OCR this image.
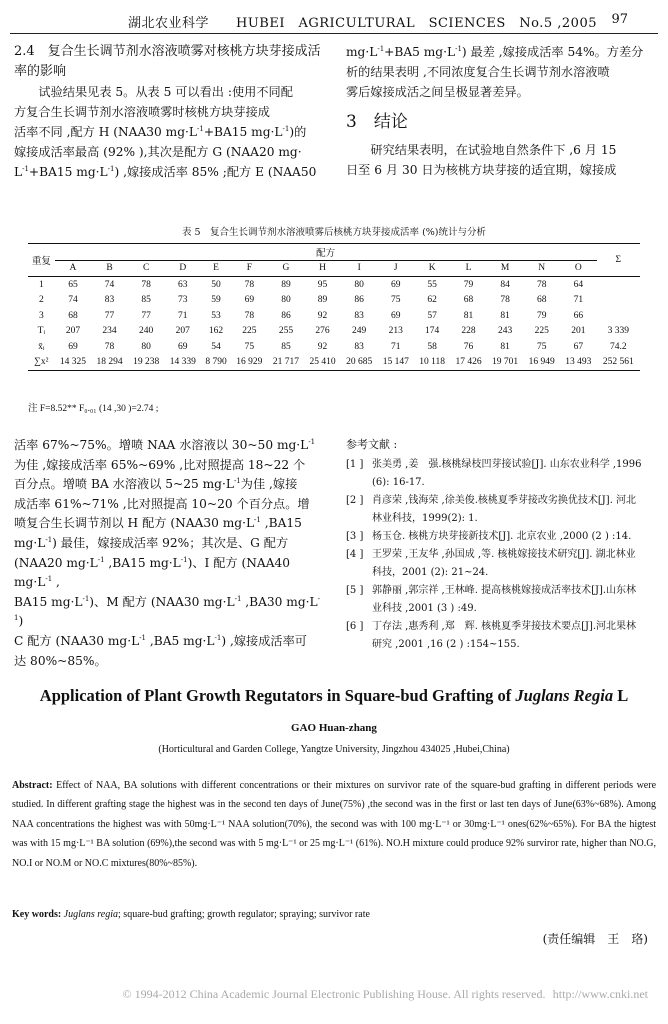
湖北农业科学　　HUBEI　AGRICULTURAL　SCIENCES　No.5 ,2005 97

2.4　复合生长调节剂水溶液喷雾对核桃方块芽接成活率的影响

试验结果见表 5。从表 5 可以看出 :使用不同配

方复合生长调节剂水溶液喷雾时核桃方块芽接成

活率不同 ,配方 H (NAA30 $mg\cdot L^{-1}+BA15$ $mg\cdot L^{-1}$)的

嫁接成活率最高 (92% ),其次是配方 G (NAA20 mg·

$L^{-1}+BA15$ $mg\cdot L^{-1}$) ,嫁接成活率 85% ;配方 E (NAA50

$mg\cdot L^{-1}+BA5$ $mg\cdot L^{-1}$) 最差 ,嫁接成活率 54%。方差分

析的结果表明 ,不同浓度复合生长调节剂水溶液喷

雾后嫁接成活之间呈极显著差异。

3　结论

研究结果表明，在试验地自然条件下 ,6 月 15

日至 6 月 30 日为核桃方块芽接的适宜期，嫁接成

表 5　复合生长调节剂水溶液喷雾后核桃方块芽接成活率 (%)统计与分析
重复	配方															Σ
	A	B	C	D	E	F	G	H	I	J	K	L	M	N	O	
1	65	74	78	63	50	78	89	95	80	69	55	79	84	78	64	
2	74	83	85	73	59	69	80	89	86	75	62	68	78	68	71	
3	68	77	77	71	53	78	86	92	83	69	57	81	81	79	66	
Tᵢ	207	234	240	207	162	225	255	276	249	213	174	228	243	225	201	3 339
x̄ᵢ	69	78	80	69	54	75	85	92	83	71	58	76	81	75	67	74.2
∑x²	14 325	18 294	19 238	14 339	8 790	16 929	21 717	25 410	20 685	15 147	10 118	17 426	19 701	16 949	13 493	252 561
注 F=8.52** F₀.₀₁ (14 ,30 )=2.74 ;

活率 67%~75%。增喷 NAA 水溶液以 30~50 $mg\cdot L^{-1}$

为佳 ,嫁接成活率 65%~69% ,比对照提高 18~22 个

百分点。增喷 BA 水溶液以 5~25 $mg\cdot L^{-1}$为佳 ,嫁接

成活率 61%~71% ,比对照提高 10~20 个百分点。增

喷复合生长调节剂以 H 配方 (NAA30 $mg\cdot L^{-1}$ ,BA15

$mg\cdot L^{-1}$) 最佳，嫁接成活率 92%；其次是、G 配方

(NAA20 $mg\cdot L^{-1}$ ,BA15 $mg\cdot L^{-1}$)、I 配方 (NAA40 $mg\cdot L^{-1}$ ,

BA15 $mg\cdot L^{-1}$)、M 配方 (NAA30 $mg\cdot L^{-1}$ ,BA30 $mg\cdot L^{-1}$)

C 配方 (NAA30 $mg\cdot L^{-1}$ ,BA5 $mg\cdot L^{-1}$) ,嫁接成活率可

达 80%~85%。

参考文献 :
[1 ] 张美勇 ,姜　强.核桃绿枝凹芽接试验[J]. 山东农业科学 ,1996
(6): 16-17.
[2 ] 肖彦荣 ,钱海荣 ,徐美俊.核桃夏季芽接改劣换优技术[J]. 河北
林业科技，1999(2): 1.
[3 ] 杨玉仓. 核桃方块芽接新技术[J]. 北京农业 ,2000 (2 ) :14.
[4 ] 王罗荣 ,王友华 ,孙国成 ,等. 核桃嫁接技术研究[J]. 湖北林业
科技，2001 (2): 21~24.
[5 ] 郭静丽 ,郭宗祥 ,王林峰. 提高核桃嫁接成活率技术[J].山东林
业科技 ,2001 (3 ) :49.
[6 ] 丁存法 ,惠秀利 ,郑　辉. 核桃夏季芽接技术要点[J].河北果林
研究 ,2001 ,16 (2 ) :154~155.
Application of Plant Growth Regutators in Square-bud Grafting of Juglans Regia L
GAO Huan-zhang
(Horticultural and Garden College, Yangtze University, Jingzhou 434025 ,Hubei,China)
Abstract: Effect of NAA, BA solutions with different concentrations or their mixtures on survivor rate of the square-bud grafting in different periods were studied. In different grafting stage the highest was in the second ten days of June(75%) ,the second was in the first or last ten days of June(63%~68%). Among NAA concentrations the highest was with 50mg·L⁻¹ NAA solution(70%), the second was with 100 mg·L⁻¹ or 30mg·L⁻¹ ones(62%~65%). For BA the higtest was with 15 mg·L⁻¹ BA solution (69%),the second was with 5 mg·L⁻¹ or 25 mg·L⁻¹ (61%). NO.H mixture could produce 92% surviror rate, higher than NO.G, NO.I or NO.M or NO.C mixtures(80%~85%).
Key words: Juglans regia; square-bud grafting; growth regulator; spraying; survivor rate
(责任编辑　王　珞)
© 1994-2012 China Academic Journal Electronic Publishing House. All rights reserved. http://www.cnki.net
